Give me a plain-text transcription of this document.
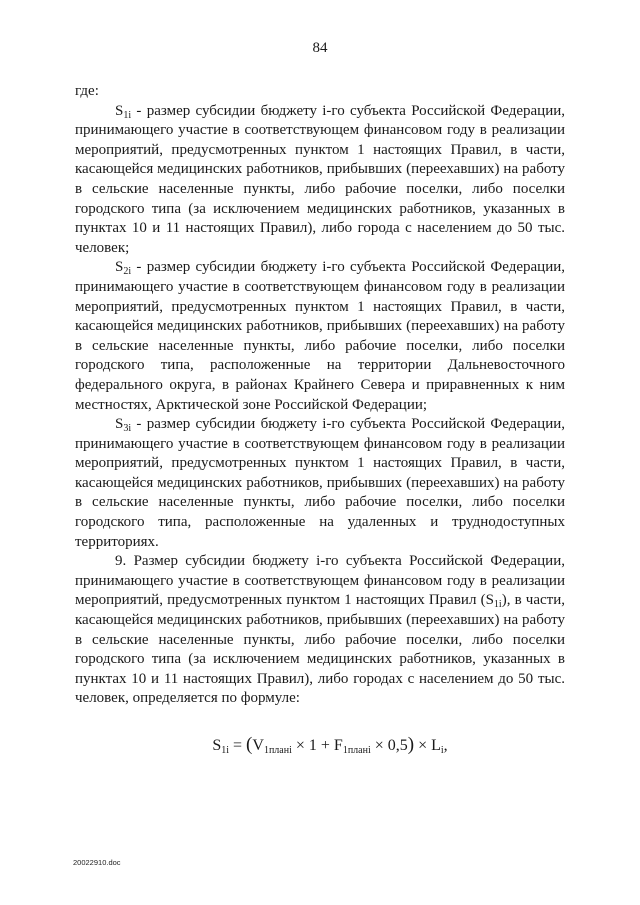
84

где:

$S_{1i}$ - размер субсидии бюджету i-го субъекта Российской Федерации, принимающего участие в соответствующем финансовом году в реализации мероприятий, предусмотренных пунктом 1 настоящих Правил, в части, касающейся медицинских работников, прибывших (переехавших) на работу в сельские населенные пункты, либо рабочие поселки, либо поселки городского типа (за исключением медицинских работников, указанных в пунктах 10 и 11 настоящих Правил), либо города с населением до 50 тыс. человек;

$S_{2i}$ - размер субсидии бюджету i-го субъекта Российской Федерации, принимающего участие в соответствующем финансовом году в реализации мероприятий, предусмотренных пунктом 1 настоящих Правил, в части, касающейся медицинских работников, прибывших (переехавших) на работу в сельские населенные пункты, либо рабочие поселки, либо поселки городского типа, расположенные на территории Дальневосточного федерального округа, в районах Крайнего Севера и приравненных к ним местностях, Арктической зоне Российской Федерации;

$S_{3i}$ - размер субсидии бюджету i-го субъекта Российской Федерации, принимающего участие в соответствующем финансовом году в реализации мероприятий, предусмотренных пунктом 1 настоящих Правил, в части, касающейся медицинских работников, прибывших (переехавших) на работу в сельские населенные пункты, либо рабочие поселки, либо поселки городского типа, расположенные на удаленных и труднодоступных территориях.

9. Размер субсидии бюджету i-го субъекта Российской Федерации, принимающего участие в соответствующем финансовом году в реализации мероприятий, предусмотренных пунктом 1 настоящих Правил $(S_{1i})$, в части, касающейся медицинских работников, прибывших (переехавших) на работу в сельские населенные пункты, либо рабочие поселки, либо поселки городского типа (за исключением медицинских работников, указанных в пунктах 10 и 11 настоящих Правил), либо городах с населением до 50 тыс. человек, определяется по формуле:

$S_{1i} = (V_{1планi} \times 1 + F_{1планi} \times 0,5) \times L_i$,
20022910.doc
